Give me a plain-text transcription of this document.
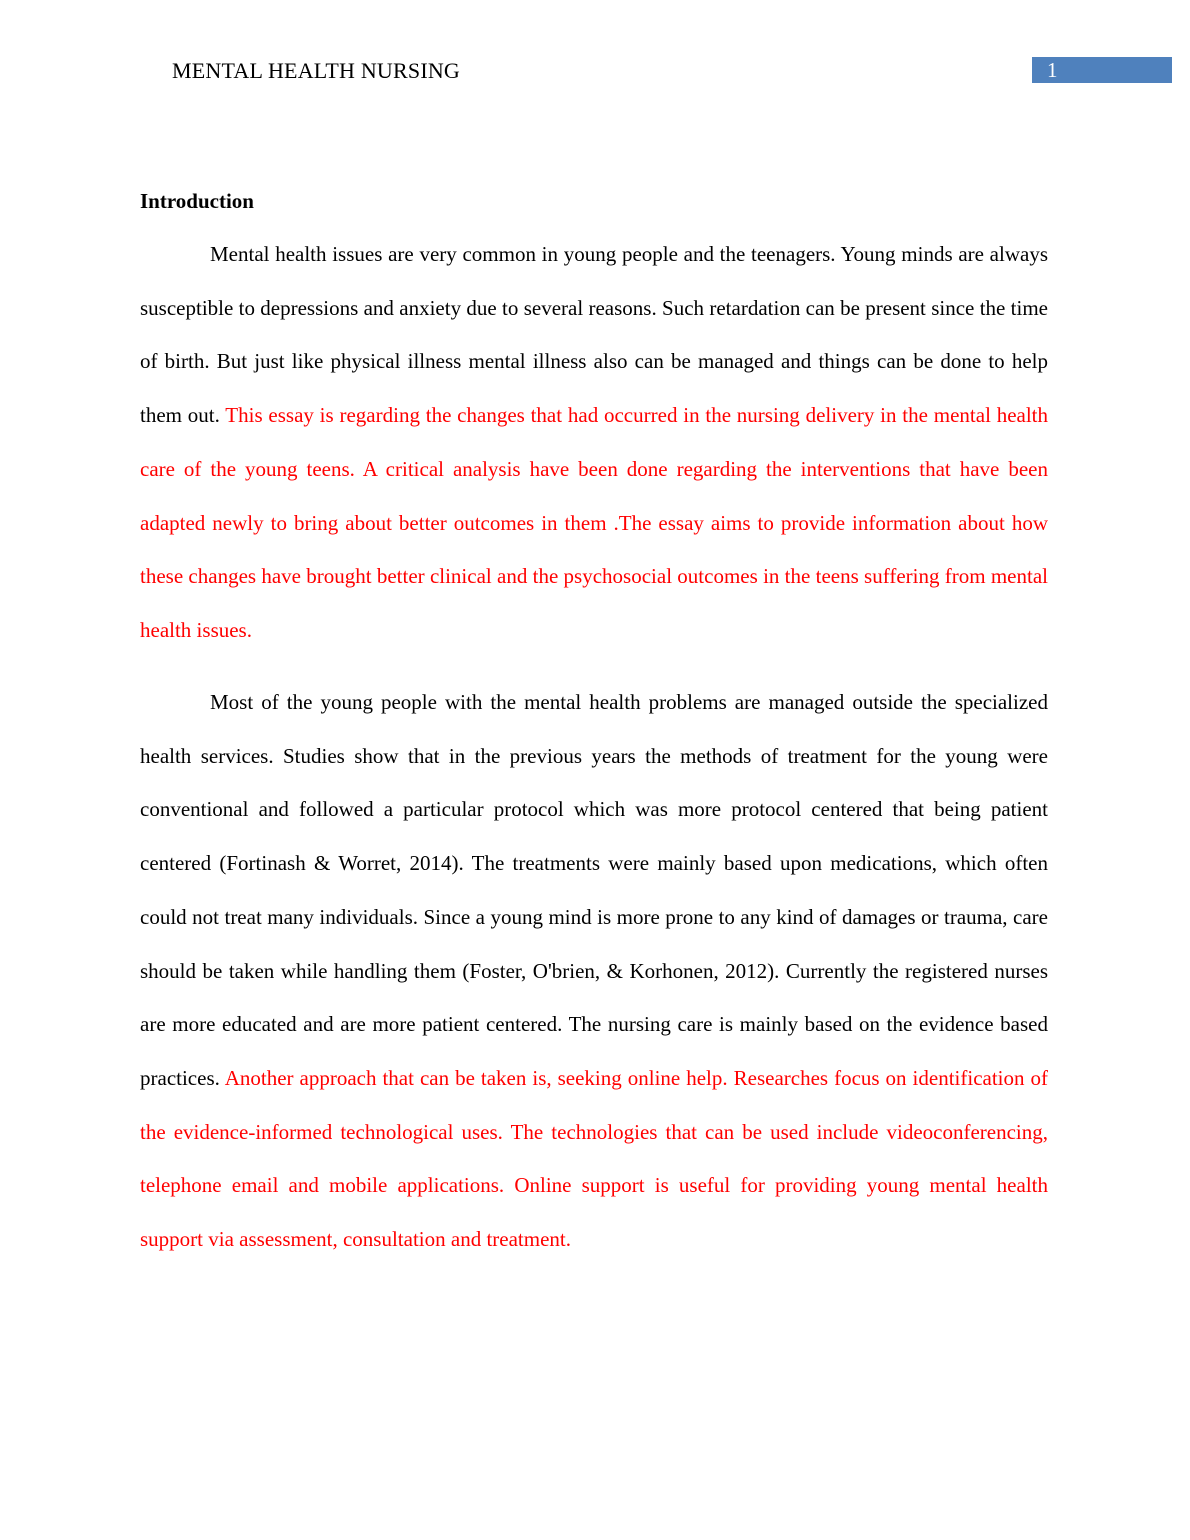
MENTAL HEALTH NURSING	1
Introduction

Mental health issues are very common in young people and the teenagers. Young minds are always susceptible to depressions and anxiety due to several reasons. Such retardation can be present since the time of birth. But just like physical illness mental illness also can be managed and things can be done to help them out. This essay is regarding the changes that had occurred in the nursing delivery in the mental health care of the young teens. A critical analysis have been done regarding the interventions that have been adapted newly to bring about better outcomes in them .The essay aims to provide information about how these changes have brought better clinical and the psychosocial outcomes in the teens suffering from mental health issues.

Most of the young people with the mental health problems are managed outside the specialized health services. Studies show that in the previous years the methods of treatment for the young were conventional and followed a particular protocol which was more protocol centered that being patient centered (Fortinash & Worret, 2014). The treatments were mainly based upon medications, which often could not treat many individuals. Since a young mind is more prone to any kind of damages or trauma, care should be taken while handling them (Foster, O'brien, & Korhonen, 2012). Currently the registered nurses are more educated and are more patient centered. The nursing care is mainly based on the evidence based practices. Another approach that can be taken is, seeking online help. Researches focus on identification of the evidence-informed technological uses. The technologies that can be used include videoconferencing, telephone email and mobile applications. Online support is useful for providing young mental health support via assessment, consultation and treatment.
